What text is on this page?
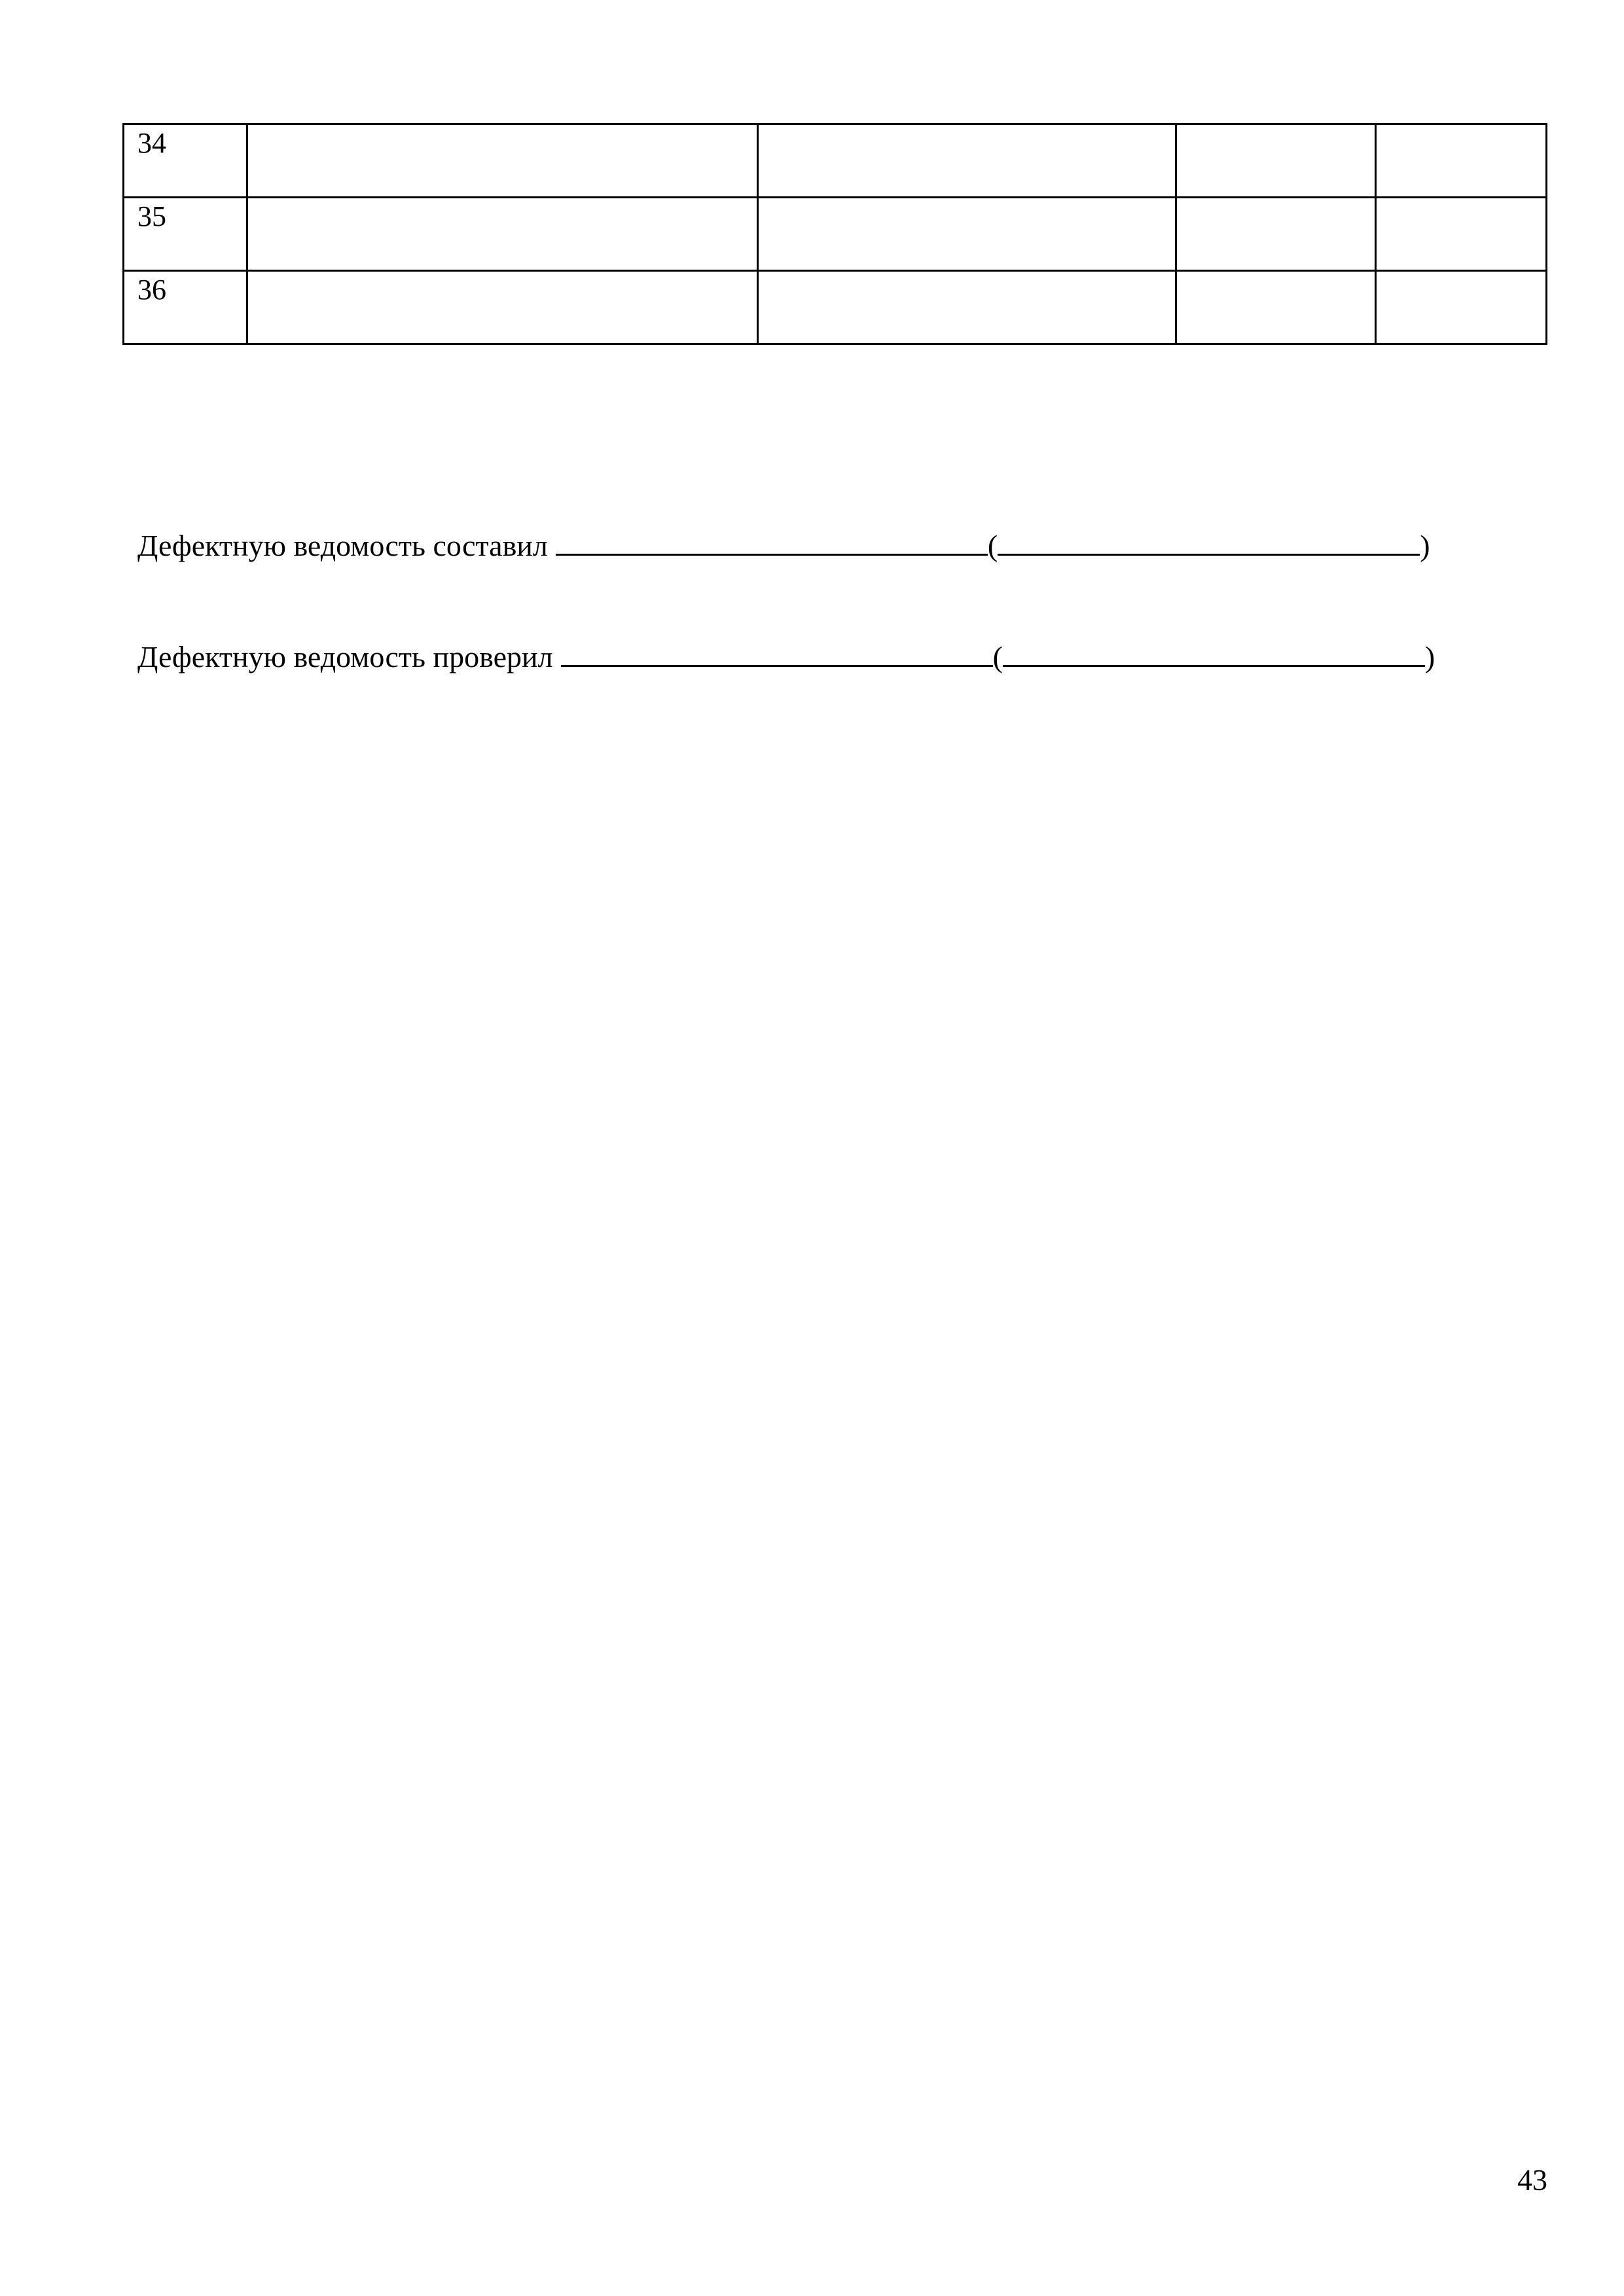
34				
35				
36				
Дефектную ведомость составил	(	)
Дефектную ведомость проверил	(	)
43
